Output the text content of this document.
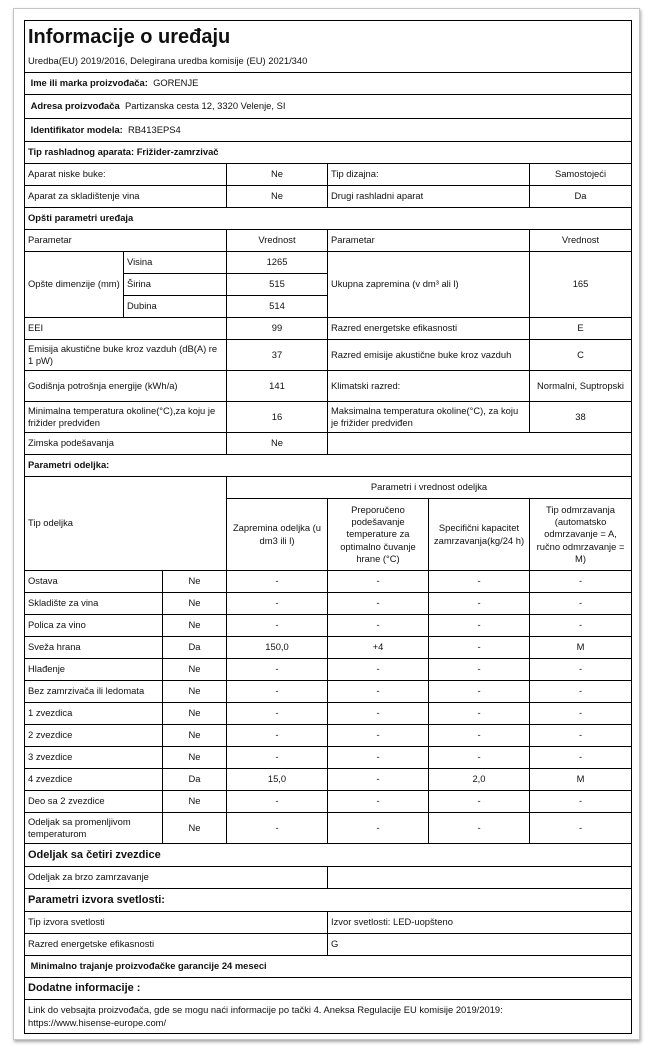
Informacije o uređaju						
Uredba(EU) 2019/2016, Delegirana uredba komisije (EU) 2021/340						
Ime ili marka proizvođača: GORENJE						
Adresa proizvođača Partizanska cesta 12, 3320 Velenje, SI						
Identifikator modela: RB413EPS4						
Tip rashladnog aparata: Frižider-zamrzivač						
Aparat niske buke:			Ne	Tip dizajna:		Samostojeći
Aparat za skladištenje vina			Ne	Drugi rashladni aparat		Da
Opšti parametri uređaja						
Parametar			Vrednost	Parametar		Vrednost
Opšte dimenzije (mm)	Visina		1265	Ukupna zapremina (v dm³ ali l)		165
	Širina		515			
	Dubina		514			
EEI			99	Razred energetske efikasnosti		E
Emisija akustične buke kroz vazduh (dB(A) re 1 pW)			37	Razred emisije akustične buke kroz vazduh		C
Godišnja potrošnja energije (kWh/a)			141	Klimatski razred:		Normalni, Suptropski
Minimalna temperatura okoline(°C),za koju je frižider predviđen			16	Maksimalna temperatura okoline(°C), za koju je frižider predviđen		38
Zimska podešavanja			Ne			
Parametri odeljka:						
Tip odeljka			Parametri i vrednost odeljka			
			Zapremina odeljka (u dm3 ili l)	Preporučeno podešavanje temperature za optimalno čuvanje hrane (°C)	Specifični kapacitet zamrzavanja(kg/24 h)	Tip odmrzavanja (automatsko odmrzavanje = A, ručno odmrzavanje = M)
Ostava		Ne	-	-	-	-
Skladište za vina		Ne	-	-	-	-
Polica za vino		Ne	-	-	-	-
Sveža hrana		Da	150,0	+4	-	M
Hlađenje		Ne	-	-	-	-
Bez zamrzivača ili ledomata		Ne	-	-	-	-
1 zvezdica		Ne	-	-	-	-
2 zvezdice		Ne	-	-	-	-
3 zvezdice		Ne	-	-	-	-
4 zvezdice		Da	15,0	-	2,0	M
Deo sa 2 zvezdice		Ne	-	-	-	-
Odeljak sa promenljivom temperaturom		Ne	-	-	-	-
Odeljak sa četiri zvezdice						
Odeljak za brzo zamrzavanje						
Parametri izvora svetlosti:						
Tip izvora svetlosti				Izvor svetlosti: LED-uopšteno		
Razred energetske efikasnosti				G		
Minimalno trajanje proizvođačke garancije 24 meseci						
Dodatne informacije :						
Link do vebsajta proizvođača, gde se mogu naći informacije po tački 4. Aneksa Regulacije EU komisije 2019/2019:
https://www.hisense-europe.com/						
